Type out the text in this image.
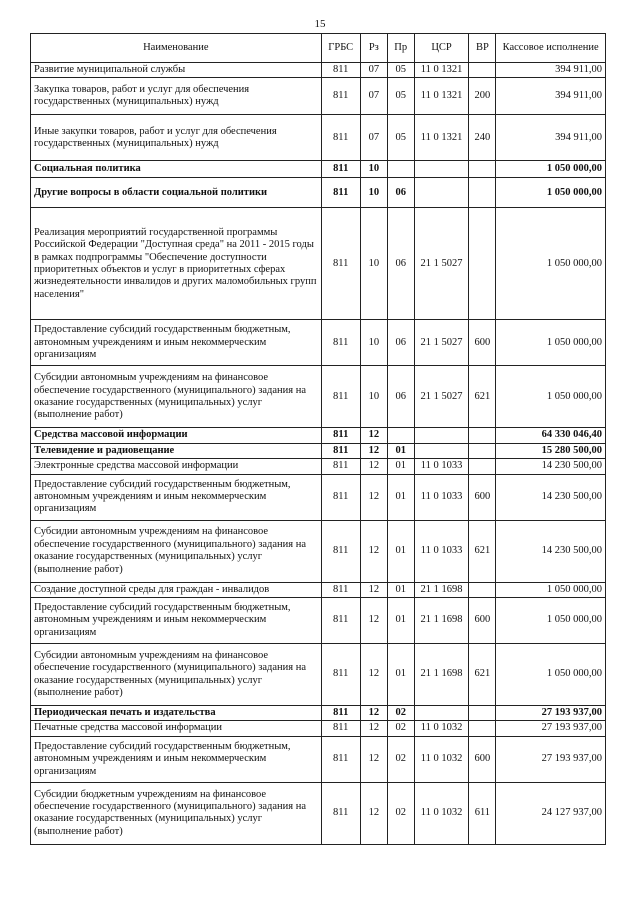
15
Наименование	ГРБС	Рз	Пр	ЦСР	ВР	Кассовое исполнение
Развитие муниципальной службы	811	07	05	11 0 1321		394 911,00
Закупка товаров, работ и услуг для обеспечения государственных (муниципальных) нужд	811	07	05	11 0 1321	200	394 911,00
Иные закупки товаров, работ и услуг для обеспечения государственных (муниципальных) нужд	811	07	05	11 0 1321	240	394 911,00
Социальная политика	811	10				1 050 000,00
Другие вопросы в области социальной политики	811	10	06			1 050 000,00
Реализация мероприятий государственной программы Российской Федерации "Доступная среда" на 2011 - 2015 годы в рамках подпрограммы "Обеспечение доступности приоритетных объектов и услуг в приоритетных сферах жизнедеятельности инвалидов и других маломобильных групп населения"	811	10	06	21 1 5027		1 050 000,00
Предоставление субсидий государственным бюджетным, автономным учреждениям и иным некоммерческим организациям	811	10	06	21 1 5027	600	1 050 000,00
Субсидии автономным учреждениям на финансовое обеспечение государственного (муниципального) задания на оказание государственных (муниципальных) услуг (выполнение работ)	811	10	06	21 1 5027	621	1 050 000,00
Средства массовой информации	811	12				64 330 046,40
Телевидение и радиовещание	811	12	01			15 280 500,00
Электронные средства массовой информации	811	12	01	11 0 1033		14 230 500,00
Предоставление субсидий государственным бюджетным, автономным учреждениям и иным некоммерческим организациям	811	12	01	11 0 1033	600	14 230 500,00
Субсидии автономным учреждениям на финансовое обеспечение государственного (муниципального) задания на оказание государственных (муниципальных) услуг (выполнение работ)	811	12	01	11 0 1033	621	14 230 500,00
Создание доступной среды для граждан - инвалидов	811	12	01	21 1 1698		1 050 000,00
Предоставление субсидий государственным бюджетным, автономным учреждениям и иным некоммерческим организациям	811	12	01	21 1 1698	600	1 050 000,00
Субсидии автономным учреждениям на финансовое обеспечение государственного (муниципального) задания на оказание государственных (муниципальных) услуг (выполнение работ)	811	12	01	21 1 1698	621	1 050 000,00
Периодическая печать и издательства	811	12	02			27 193 937,00
Печатные средства массовой информации	811	12	02	11 0 1032		27 193 937,00
Предоставление субсидий государственным бюджетным, автономным учреждениям и иным некоммерческим организациям	811	12	02	11 0 1032	600	27 193 937,00
Субсидии бюджетным учреждениям на финансовое обеспечение государственного (муниципального) задания на оказание государственных (муниципальных) услуг (выполнение работ)	811	12	02	11 0 1032	611	24 127 937,00
